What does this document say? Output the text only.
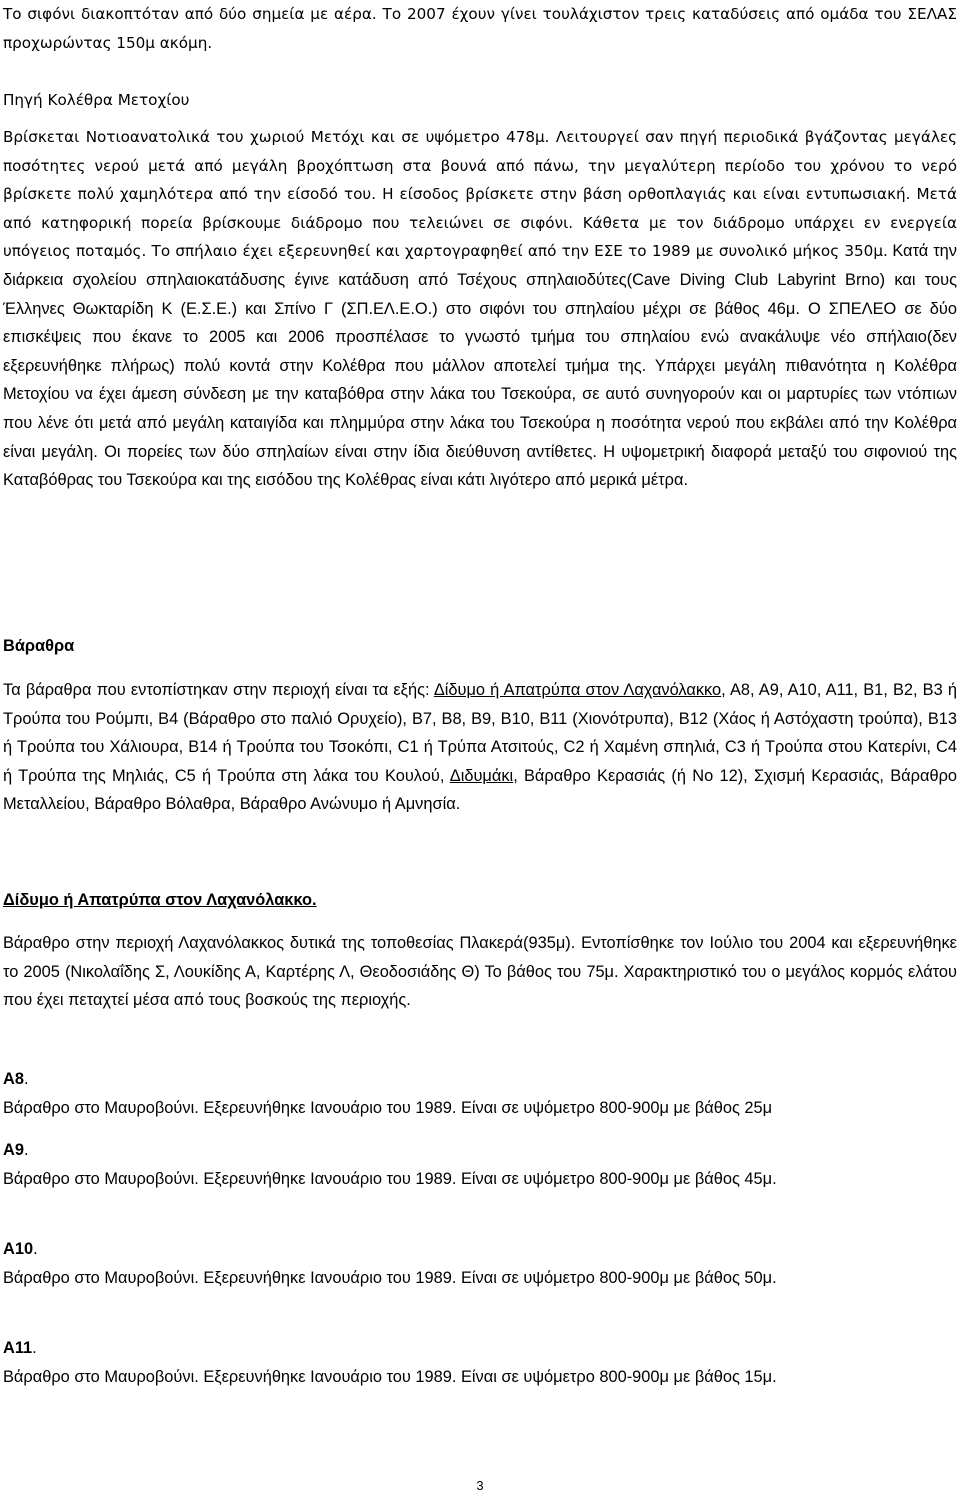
Το σιφόνι διακοπτόταν από δύο σημεία με αέρα. Το 2007 έχουν γίνει τουλάχιστον τρεις καταδύσεις από ομάδα του ΣΕΛΑΣ προχωρώντας 150μ ακόμη.

Πηγή Κολέθρα Μετοχίου

Βρίσκεται Νοτιοανατολικά του χωριού Μετόχι και σε υψόμετρο 478μ. Λειτουργεί σαν πηγή περιοδικά βγάζοντας μεγάλες ποσότητες νερού μετά από μεγάλη βροχόπτωση στα βουνά από πάνω, την μεγαλύτερη περίοδο του χρόνου το νερό βρίσκετε πολύ χαμηλότερα από την είσοδό του. Η είσοδος βρίσκετε στην βάση ορθοπλαγιάς και είναι εντυπωσιακή. Μετά από κατηφορική πορεία βρίσκουμε διάδρομο που τελειώνει σε σιφόνι. Κάθετα με τον διάδρομο υπάρχει εν ενεργεία υπόγειος ποταμός. Το σπήλαιο έχει εξερευνηθεί και χαρτογραφηθεί από την ΕΣΕ το 1989 με συνολικό μήκος 350μ. Κατά την διάρκεια σχολείου σπηλαιοκατάδυσης έγινε κατάδυση από Τσέχους σπηλαιοδύτες(Cave Diving Club Labyrint Brno) και τους Έλληνες Θωκταρίδη Κ (Ε.Σ.Ε.) και Σπίνο Γ (ΣΠ.ΕΛ.Ε.Ο.) στο σιφόνι του σπηλαίου μέχρι σε βάθος 46μ. Ο ΣΠΕΛΕΟ σε δύο επισκέψεις που έκανε το 2005 και 2006 προσπέλασε το γνωστό τμήμα του σπηλαίου ενώ ανακάλυψε νέο σπήλαιο(δεν εξερευνήθηκε πλήρως) πολύ κοντά στην Κολέθρα που μάλλον αποτελεί τμήμα της. Υπάρχει μεγάλη πιθανότητα η Κολέθρα Μετοχίου να έχει άμεση σύνδεση με την καταβόθρα στην λάκα του Τσεκούρα, σε αυτό συνηγορούν και οι μαρτυρίες των ντόπιων που λένε ότι μετά από μεγάλη καταιγίδα και πλημμύρα στην λάκα του Τσεκούρα η ποσότητα νερού που εκβάλει από την Κολέθρα είναι μεγάλη. Οι πορείες των δύο σπηλαίων είναι στην ίδια διεύθυνση αντίθετες. Η υψομετρική διαφορά μεταξύ του σιφονιού της Καταβόθρας του Τσεκούρα και της εισόδου της Κολέθρας είναι κάτι λιγότερο από μερικά μέτρα.

Βάραθρα

Τα βάραθρα που εντοπίστηκαν στην περιοχή είναι τα εξής: Δίδυμο ή Απατρύπα στον Λαχανόλακκο, Α8, Α9, Α10, Α11, Β1, Β2, Β3 ή Τρούπα του Ρούμπι, Β4 (Βάραθρο στο παλιό Ορυχείο), Β7, Β8, Β9, Β10, Β11 (Χιονότρυπα), Β12 (Χάος ή Αστόχαστη τρούπα), Β13 ή Τρούπα του Χάλιουρα, Β14 ή Τρούπα του Τσοκόπι, C1 ή Τρύπα Ατσιτούς, C2 ή Χαμένη σπηλιά, C3 ή Τρούπα στου Κατερίνι, C4 ή Τρούπα της Μηλιάς, C5 ή Τρούπα στη λάκα του Κουλού, Διδυμάκι, Βάραθρο Κερασιάς (ή Νο 12), Σχισμή Κερασιάς, Βάραθρο Μεταλλείου, Βάραθρο Βόλαθρα, Βάραθρο Ανώνυμο ή Αμνησία.

Δίδυμο ή Απατρύπα στον Λαχανόλακκο.

Βάραθρο στην περιοχή Λαχανόλακκος δυτικά της τοποθεσίας Πλακερά(935μ). Εντοπίσθηκε τον Ιούλιο του 2004 και εξερευνήθηκε το 2005 (Νικολαΐδης Σ, Λουκίδης Α, Καρτέρης Λ, Θεοδοσιάδης Θ) Το βάθος του 75μ. Χαρακτηριστικό του ο μεγάλος κορμός ελάτου που έχει πεταχτεί μέσα από τους βοσκούς της περιοχής.

Α8.

Βάραθρο στο Μαυροβούνι. Εξερευνήθηκε Ιανουάριο του 1989. Είναι σε υψόμετρο 800-900μ με βάθος 25μ

Α9.

Βάραθρο στο Μαυροβούνι. Εξερευνήθηκε Ιανουάριο του 1989. Είναι σε υψόμετρο 800-900μ με βάθος 45μ.

Α10.

Βάραθρο στο Μαυροβούνι. Εξερευνήθηκε Ιανουάριο του 1989. Είναι σε υψόμετρο 800-900μ με βάθος 50μ.

Α11.

Βάραθρο στο Μαυροβούνι. Εξερευνήθηκε Ιανουάριο του 1989. Είναι σε υψόμετρο 800-900μ με βάθος 15μ.

3
